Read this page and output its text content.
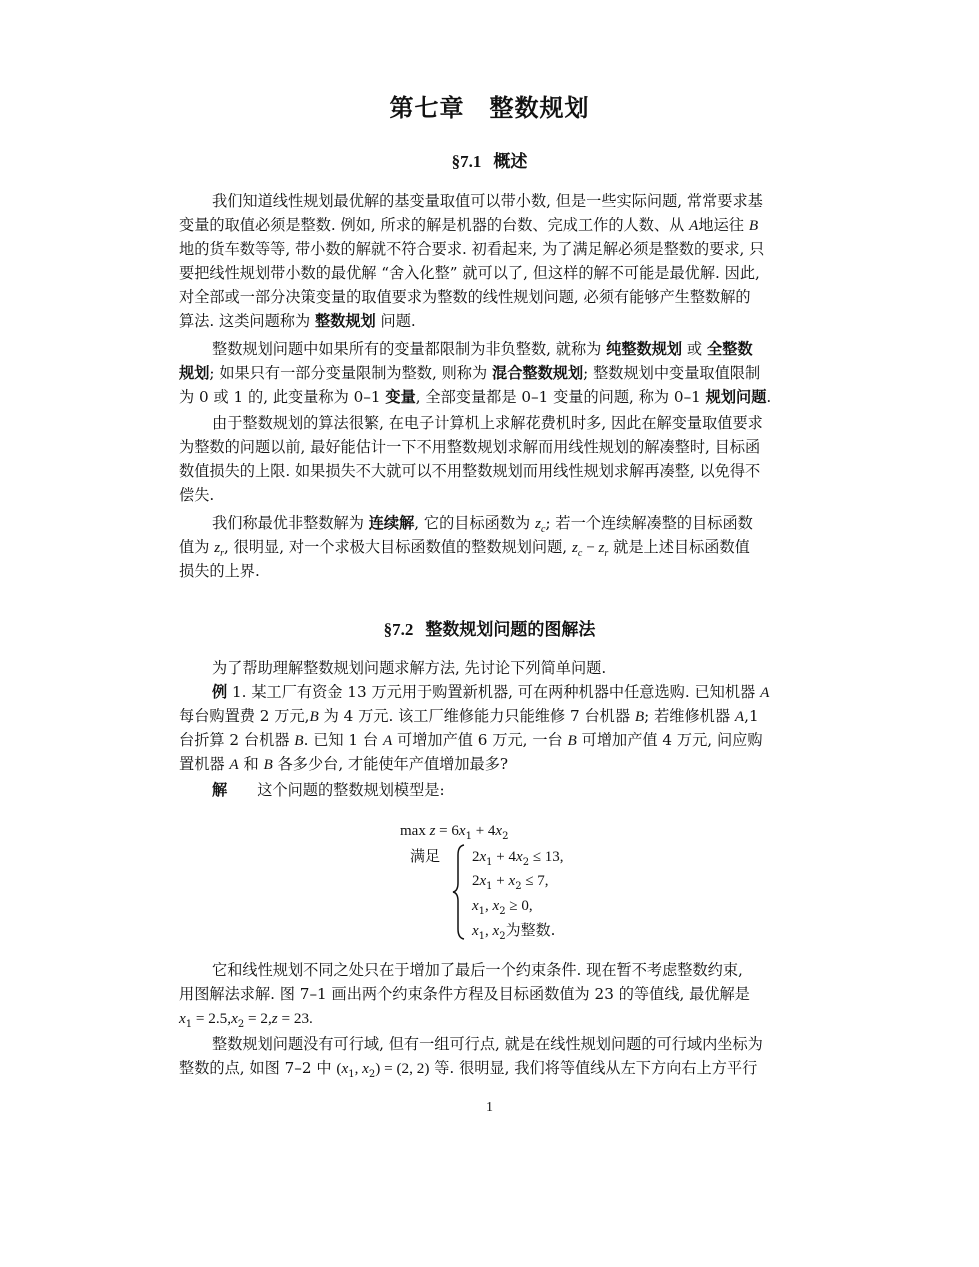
第七章　整数规划
§7.1 概述
我们知道线性规划最优解的基变量取值可以带小数, 但是一些实际问题, 常常要求基
变量的取值必须是整数. 例如, 所求的解是机器的台数、完成工作的人数、从 A地运往 B
地的货车数等等, 带小数的解就不符合要求. 初看起来, 为了满足解必须是整数的要求, 只
要把线性规划带小数的最优解 “舍入化整” 就可以了, 但这样的解不可能是最优解. 因此,
对全部或一部分决策变量的取值要求为整数的线性规划问题, 必须有能够产生整数解的
算法. 这类问题称为 整数规划 问题.
整数规划问题中如果所有的变量都限制为非负整数, 就称为 纯整数规划 或 全整数
规划; 如果只有一部分变量限制为整数, 则称为 混合整数规划; 整数规划中变量取值限制
为 0 或 1 的, 此变量称为 0–1 变量, 全部变量都是 0–1 变量的问题, 称为 0–1 规划问题.
由于整数规划的算法很繁, 在电子计算机上求解花费机时多, 因此在解变量取值要求
为整数的问题以前, 最好能估计一下不用整数规划求解而用线性规划的解凑整时, 目标函
数值损失的上限. 如果损失不大就可以不用整数规划而用线性规划求解再凑整, 以免得不
偿失.
我们称最优非整数解为 连续解, 它的目标函数为 $z_c$; 若一个连续解凑整的目标函数
值为 $z_r$, 很明显, 对一个求极大目标函数值的整数规划问题, $z_c - z_r$ 就是上述目标函数值
损失的上界.
§7.2 整数规划问题的图解法
为了帮助理解整数规划问题求解方法, 先讨论下列简单问题.
例 1. 某工厂有资金 13 万元用于购置新机器, 可在两种机器中任意选购. 已知机器 A
每台购置费 2 万元,B 为 4 万元. 该工厂维修能力只能维修 7 台机器 B; 若维修机器 A,1
台折算 2 台机器 B. 已知 1 台 A 可增加产值 6 万元, 一台 B 可增加产值 4 万元, 问应购
置机器 A 和 B 各多少台, 才能使年产值增加最多?
解 这个问题的整数规划模型是:
$\max z = 6x_1 + 4x_2$
满足 $2x_1 + 4x_2 \le 13$,
$2x_1 + x_2 \le 7$,
$x_1$, $x_2 \ge 0$,
$x_1$, $x_2$为整数.
它和线性规划不同之处只在于增加了最后一个约束条件. 现在暂不考虑整数约束,
用图解法求解. 图 7–1 画出两个约束条件方程及目标函数值为 23 的等值线, 最优解是
$x_1 = 2.5,x_2 = 2,z = 23$.
整数规划问题没有可行域, 但有一组可行点, 就是在线性规划问题的可行域内坐标为
整数的点, 如图 7–2 中 ($x_1$, $x_2) = (2$, 2) 等. 很明显, 我们将等值线从左下方向右上方平行
1
